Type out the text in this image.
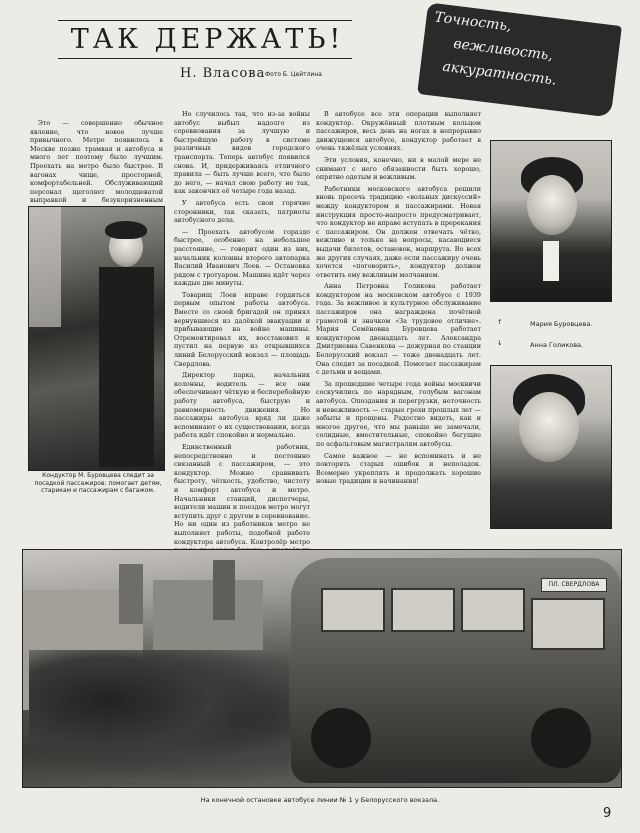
ТАК ДЕРЖАТЬ!
Н. Власова Фото Б. Цейтлина
Точность,
вежливость,
аккуратность.

Это — совершенно обычное явление, что новое лучше привычного. Метро появилось в Москве позже трамвая и автобуса и много лет поэтому было лучшим. Проехать на метро было быстрее. В вагонах чище, просторней, комфортабельней. Обслуживающий персонал щеголяет молодцеватой выправкой и безукоризненным

Кондуктор М. Буровцева следит за посадкой пассажиров: помогает детям, старикам и пассажирам с багажом.

Но случилось так, что из-за войны автобус выбыл надолго из соревнования за лучшую и быстрейшую работу в системе различных видов городского транспорта. Теперь автобус появился снова. И, придерживаясь отличного правила — быть лучше всего, что было до него, — начал свою работу не так, как закончил её четыре года назад.

У автобуса есть свои горячие сторонники, так сказать, патриоты автобусного дела.

— Проехать автобусом гораздо быстрее, особенно на небольшое расстояние, — говорит один из них, начальник колонны второго автопарка Василий Иванович Лоев. — Остановка рядом с тротуаром. Машина идёт через каждые две минуты.

Товарищ Лоев вправе гордиться первым опытом работы автобуса. Вместе со своей бригадой он принял вернувшиеся из далёкой эвакуации и прибывающие на войне машины. Отремонтировал их, восстановил и пустил на первую из открывшихся линий Белорусский вокзал — площадь Свердлова.

Директор парка, начальник колонны, водитель — все они обеспечивают чёткую и бесперебойную работу автобуса, быструю и равномерность движения. Но пассажиры автобуса вряд ли даже вспоминают о их существовании, когда работа идёт спокойно и нормально.

Единственный работник, непосредственно и постоянно связанный с пассажиром, — это кондуктор. Можно сравнивать быстроту, чёткость, удобство, чистоту и комфорт автобуса и метро. Начальники станций, диспетчеры, водители машин и поездов метро могут вступить друг с другом в соревнование. Но ни один из работников метро не выполняет работы, подобной работе кондуктора автобуса. Контролёр метро

В автобусе все эти операции выполняет кондуктор. Окружённый плотным кольцом пассажиров, весь день на ногах в непрерывно движущемся автобусе, кондуктор работает в очень тяжёлых условиях.

Эти условия, конечно, ни в малой мере не снимают с него обязанности быть хорошо, опрятно одетым и вежливым.

Работники московского автобуса решили вновь пресечь традицию «вольных дискуссий» между кондуктором и пассажирами. Новая инструкция просто-напросто предусматривает, что кондуктор не вправе вступать в пререкания с пассажиром. Он должен отвечать чётко, вежливо и только на вопросы, касающиеся выдачи билетов, остановок, маршрута. Во всех же других случаях, даже если пассажиру очень хочется «поговорить», кондуктор должен ответить ему вежливым молчанием.

Анна Петровна Голикова работает кондуктором на московском автобусе с 1939 года. За вежливое и культурное обслуживание пассажиров она награждена почётной грамотой и значком «За трудовое отличие». Мария Семёновна Буровцева работает кондуктором двенадцать лет. Александра Дмитриевна Савенкова — дежурная по станции Белорусский вокзал — тоже двенадцать лет. Она следит за посадкой. Помогает пассажирам с детьми и вещами.

За прошедшие четыре года войны москвичи соскучились по нарядным, голубым вагонам автобуса. Опоздания и перегрузки, неточность и невежливость — старые грехи прошлых лет — забыты и прощены. Радостно видеть, как и многое другое, что мы раньше не замечали, солидные, вместительные, спокойно бегущие по асфальтовым магистралям автобусы.

Самое важное — не вспоминать и не повторять старых ошибок и неполадок. Всемерно укреплять и продолжать хорошие новые традиции и начинания!

↑	Мария Буровцева.
↓	Анна Голикова.
ПЛ. СВЕРДЛОВА
На конечной остановке автобусе линии № 1 у Белорусского вокзала.
9
